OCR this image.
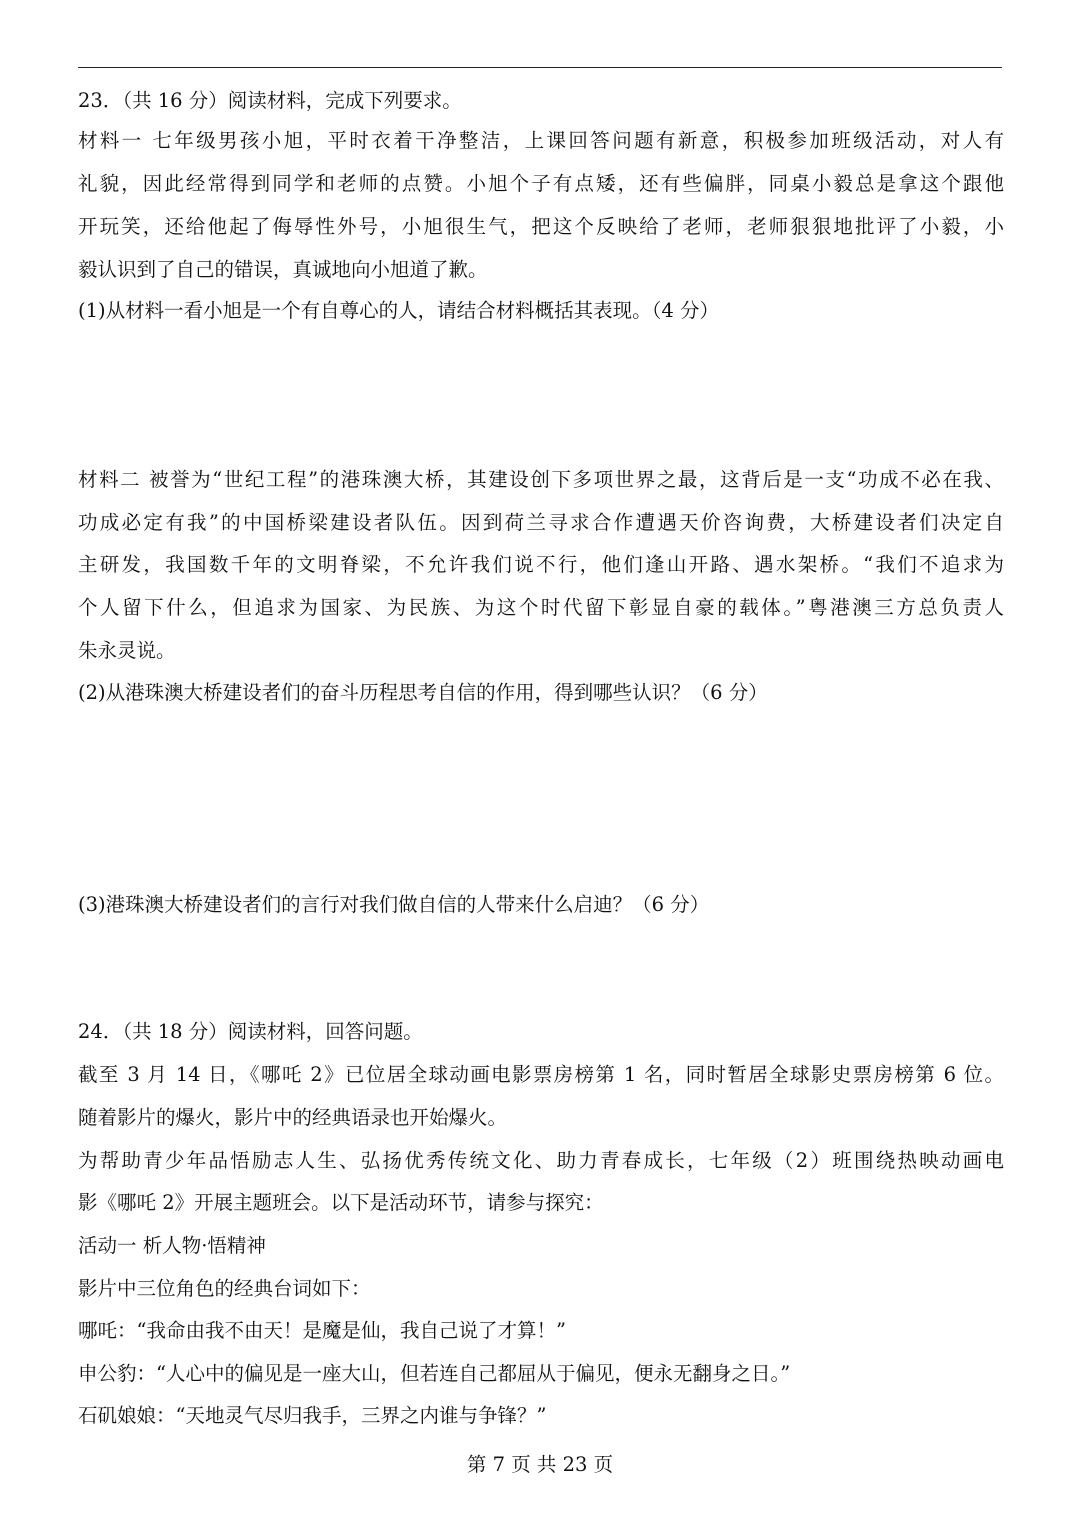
23．（共 16 分）阅读材料，完成下列要求。
材料一 七年级男孩小旭，平时衣着干净整洁，上课回答问题有新意，积极参加班级活动，对人有
礼貌，因此经常得到同学和老师的点赞。小旭个子有点矮，还有些偏胖，同桌小毅总是拿这个跟他
开玩笑，还给他起了侮辱性外号，小旭很生气，把这个反映给了老师，老师狠狠地批评了小毅，小
毅认识到了自己的错误，真诚地向小旭道了歉。
(1)从材料一看小旭是一个有自尊心的人，请结合材料概括其表现。（4 分）
材料二 被誉为“世纪工程”的港珠澳大桥，其建设创下多项世界之最，这背后是一支“功成不必在我、
功成必定有我”的中国桥梁建设者队伍。因到荷兰寻求合作遭遇天价咨询费，大桥建设者们决定自
主研发，我国数千年的文明脊梁，不允许我们说不行，他们逢山开路、遇水架桥。“我们不追求为
个人留下什么，但追求为国家、为民族、为这个时代留下彰显自豪的载体。”粤港澳三方总负责人
朱永灵说。
(2)从港珠澳大桥建设者们的奋斗历程思考自信的作用，得到哪些认识？（6 分）
(3)港珠澳大桥建设者们的言行对我们做自信的人带来什么启迪？（6 分）
24．（共 18 分）阅读材料，回答问题。
截至 3 月 14 日，《哪吒 2》已位居全球动画电影票房榜第 1 名，同时暂居全球影史票房榜第 6 位。
随着影片的爆火，影片中的经典语录也开始爆火。
为帮助青少年品悟励志人生、弘扬优秀传统文化、助力青春成长，七年级（2）班围绕热映动画电
影《哪吒 2》开展主题班会。以下是活动环节，请参与探究：
活动一 析人物·悟精神
影片中三位角色的经典台词如下：
哪吒：“我命由我不由天！是魔是仙，我自己说了才算！”
申公豹：“人心中的偏见是一座大山，但若连自己都屈从于偏见，便永无翻身之日。”
石矶娘娘：“天地灵气尽归我手，三界之内谁与争锋？”
第 7 页 共 23 页
